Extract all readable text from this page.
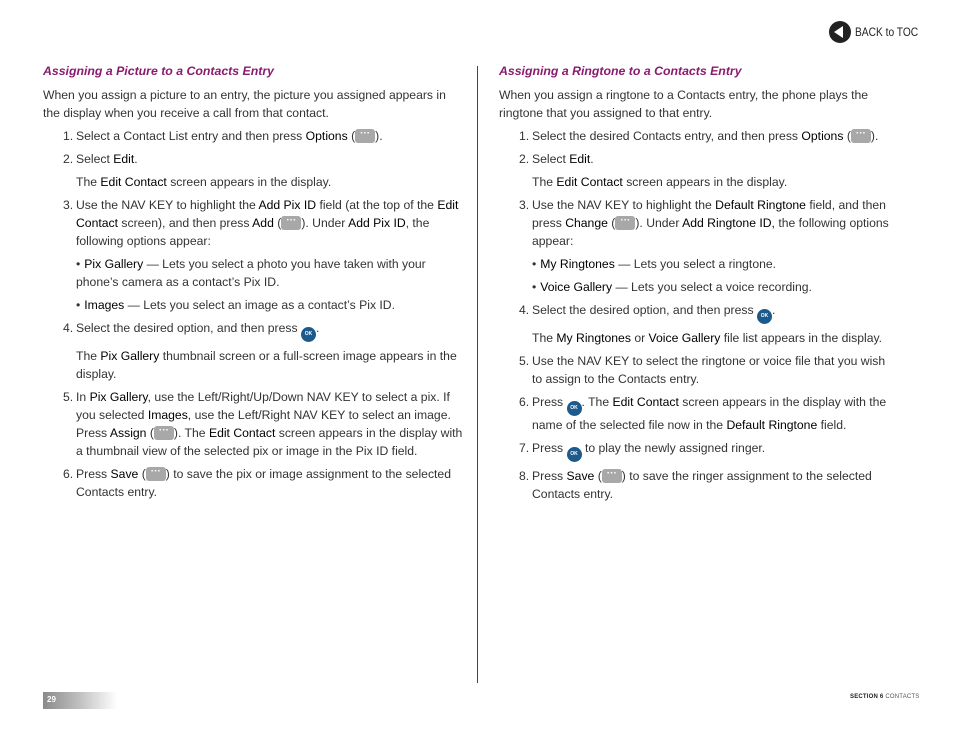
BACK to TOC
Assigning a Picture to a Contacts Entry

When you assign a picture to an entry, the picture you assigned appears in the display when you receive a call from that contact.

1. Select a Contact List entry and then press Options ( ··· ).
2. Select Edit.
The Edit Contact screen appears in the display.
3. Use the NAV KEY to highlight the Add Pix ID field (at the top of the Edit Contact screen), and then press Add ( ··· ). Under Add Pix ID, the following options appear:
• Pix Gallery — Lets you select a photo you have taken with your phone’s camera as a contact’s Pix ID.
• Images — Lets you select an image as a contact’s Pix ID.
4. Select the desired option, and then press OK .
The Pix Gallery thumbnail screen or a full-screen image appears in the display.
5. In Pix Gallery, use the Left/Right/Up/Down NAV KEY to select a pix. If you selected Images, use the Left/Right NAV KEY to select an image. Press Assign ( ··· ). The Edit Contact screen appears in the display with a thumbnail view of the selected pix or image in the Pix ID field.
6. Press Save ( ··· ) to save the pix or image assignment to the selected Contacts entry.
Assigning a Ringtone to a Contacts Entry

When you assign a ringtone to a Contacts entry, the phone plays the ringtone that you assigned to that entry.

1. Select the desired Contacts entry, and then press Options ( ··· ).
2. Select Edit.
The Edit Contact screen appears in the display.
3. Use the NAV KEY to highlight the Default Ringtone field, and then press Change ( ··· ). Under Add Ringtone ID, the following options appear:
• My Ringtones — Lets you select a ringtone.
• Voice Gallery — Lets you select a voice recording.
4. Select the desired option, and then press OK .
The My Ringtones or Voice Gallery file list appears in the display.
5. Use the NAV KEY to select the ringtone or voice file that you wish to assign to the Contacts entry.
6. Press OK . The Edit Contact screen appears in the display with the name of the selected file now in the Default Ringtone field.
7. Press OK to play the newly assigned ringer.
8. Press Save ( ··· ) to save the ringer assignment to the selected Contacts entry.
29	SECTION 6 CONTACTS
